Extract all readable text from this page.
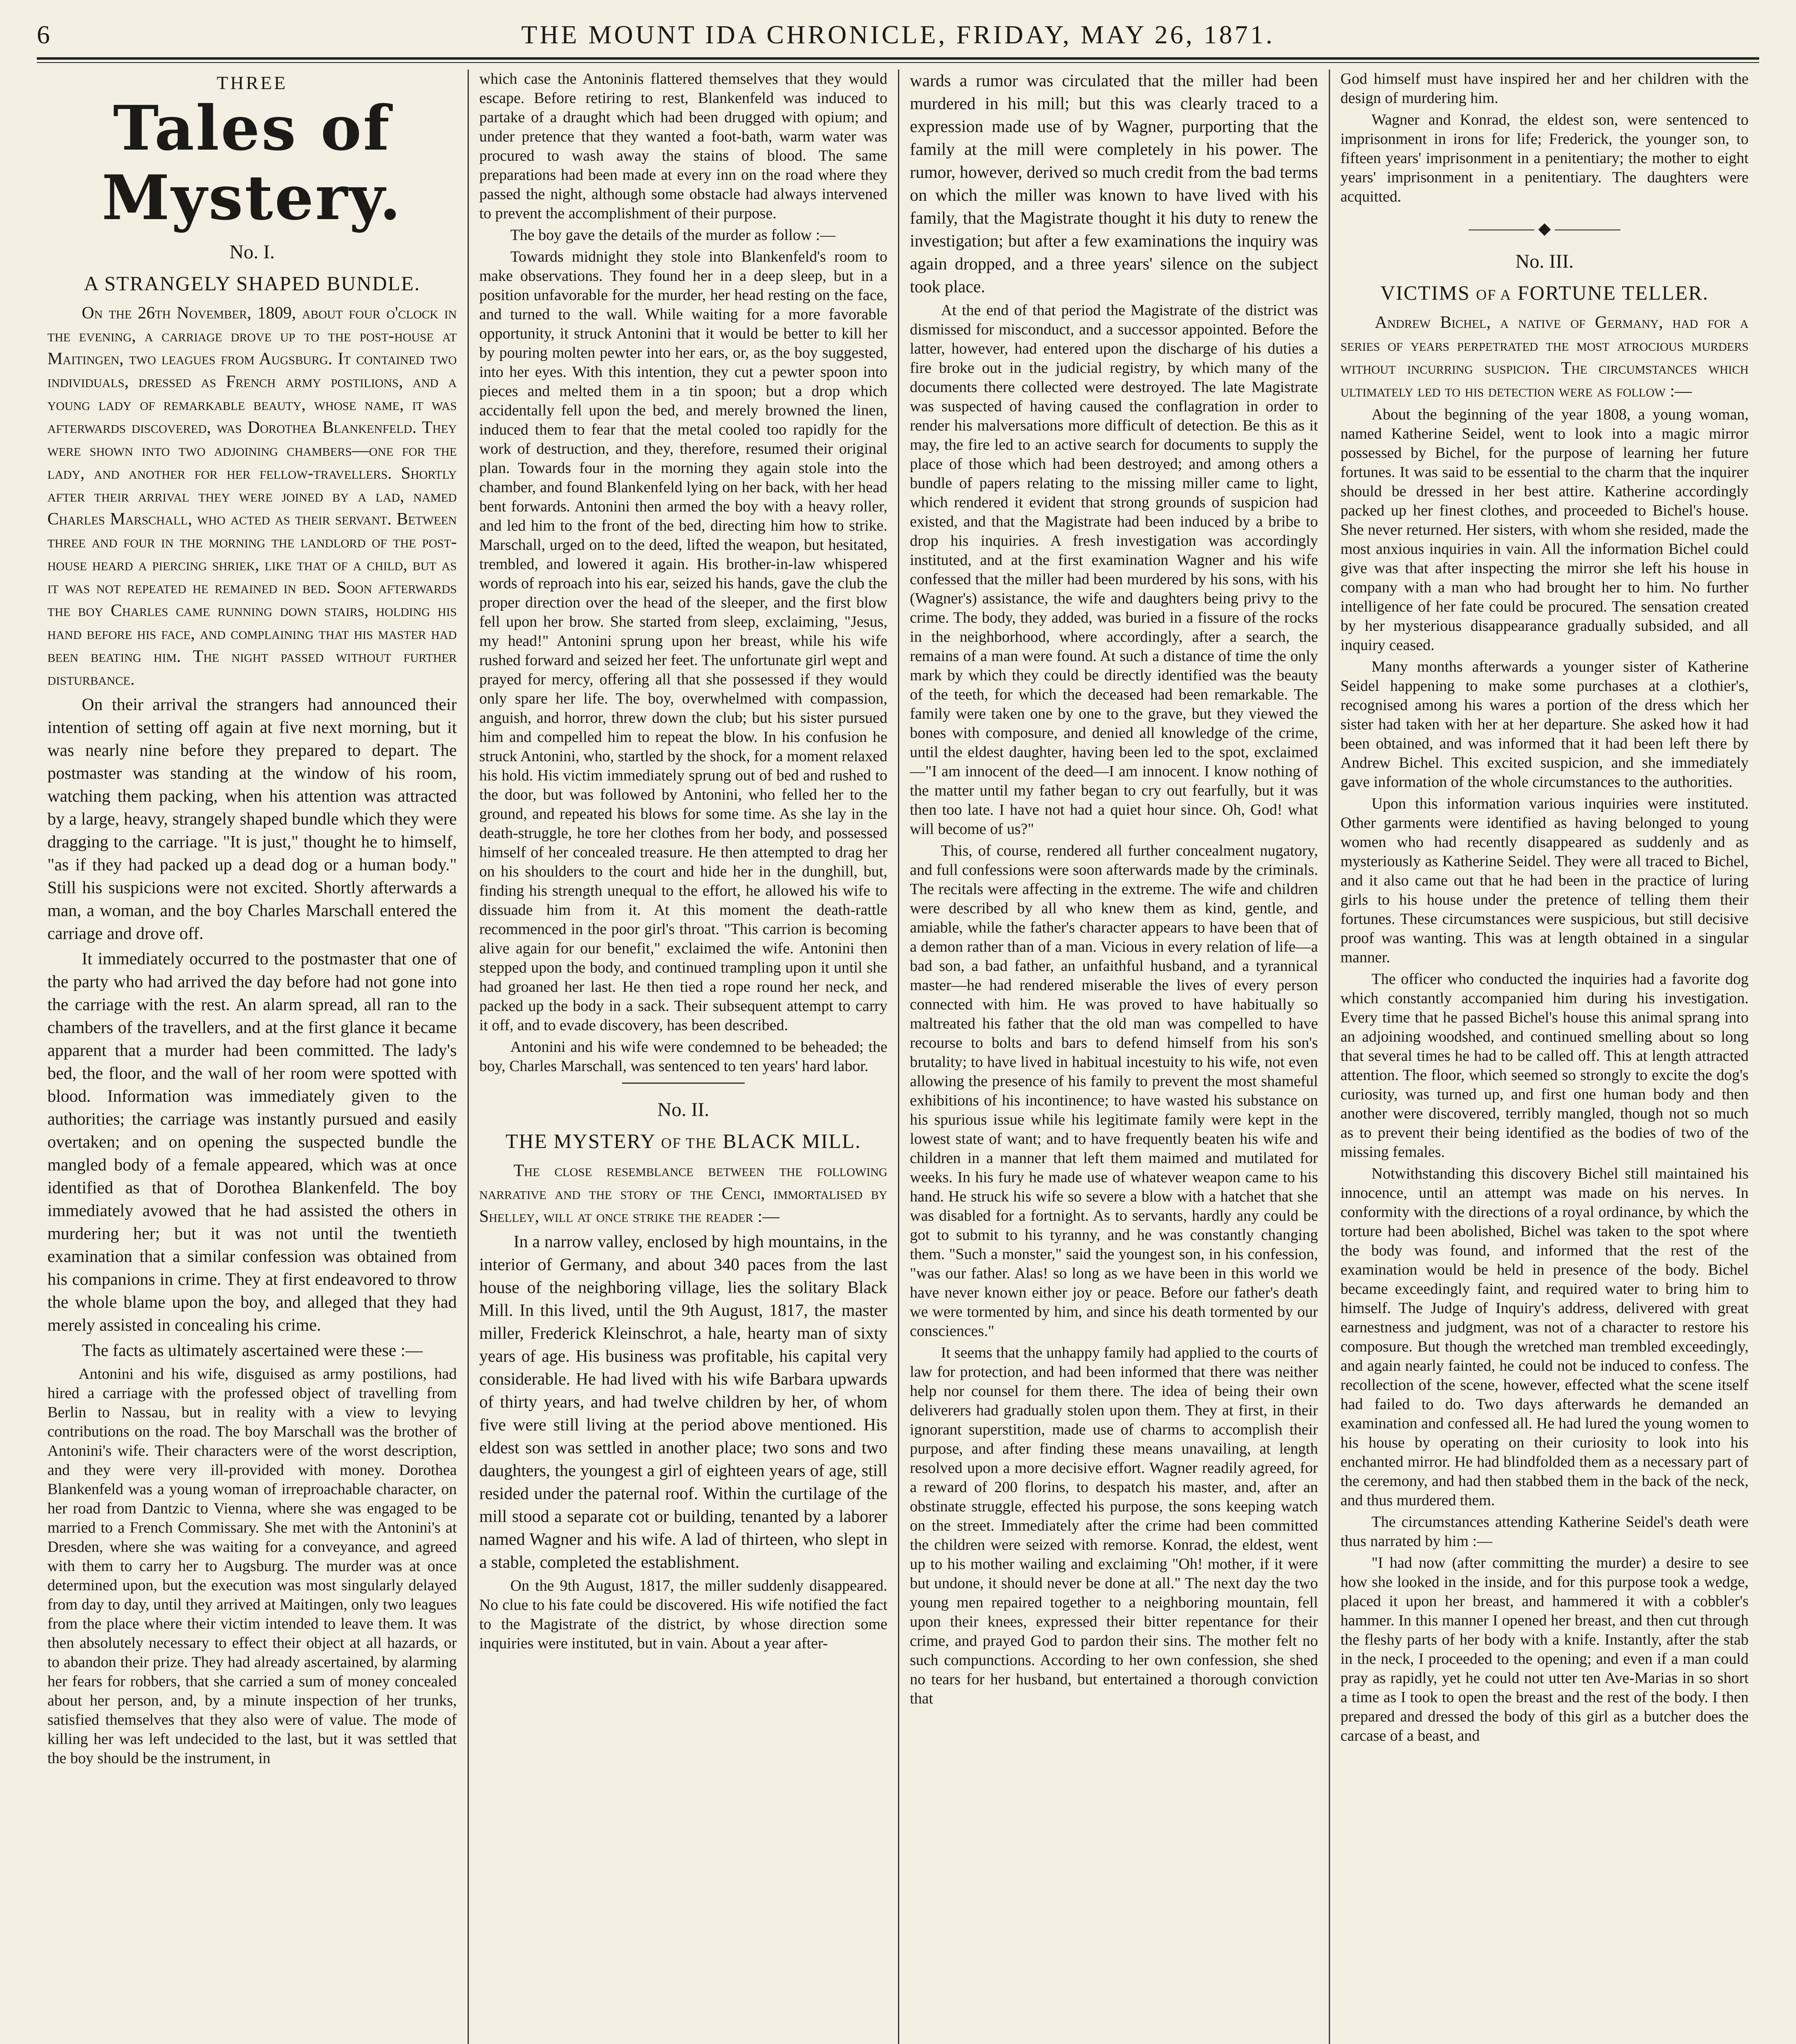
6	THE MOUNT IDA CHRONICLE, FRIDAY, MAY 26, 1871.
THREE
Tales of Mystery.
No. I.
A STRANGELY SHAPED BUNDLE.

On the 26th November, 1809, about four o'clock in the evening, a carriage drove up to the post-house at Maitingen, two leagues from Augsburg. It contained two individuals, dressed as French army postilions, and a young lady of remarkable beauty, whose name, it was afterwards discovered, was Dorothea Blankenfeld. They were shown into two adjoining chambers—one for the lady, and another for her fellow-travellers. Shortly after their arrival they were joined by a lad, named Charles Marschall, who acted as their servant. Between three and four in the morning the landlord of the post-house heard a piercing shriek, like that of a child, but as it was not repeated he remained in bed. Soon afterwards the boy Charles came running down stairs, holding his hand before his face, and complaining that his master had been beating him. The night passed without further disturbance.

On their arrival the strangers had announced their intention of setting off again at five next morning, but it was nearly nine before they prepared to depart. The postmaster was standing at the window of his room, watching them packing, when his attention was attracted by a large, heavy, strangely shaped bundle which they were dragging to the carriage. "It is just," thought he to himself, "as if they had packed up a dead dog or a human body." Still his suspicions were not excited. Shortly afterwards a man, a woman, and the boy Charles Marschall entered the carriage and drove off.

It immediately occurred to the postmaster that one of the party who had arrived the day before had not gone into the carriage with the rest. An alarm spread, all ran to the chambers of the travellers, and at the first glance it became apparent that a murder had been committed. The lady's bed, the floor, and the wall of her room were spotted with blood. Information was immediately given to the authorities; the carriage was instantly pursued and easily overtaken; and on opening the suspected bundle the mangled body of a female appeared, which was at once identified as that of Dorothea Blankenfeld. The boy immediately avowed that he had assisted the others in murdering her; but it was not until the twentieth examination that a similar confession was obtained from his companions in crime. They at first endeavored to throw the whole blame upon the boy, and alleged that they had merely assisted in concealing his crime.

The facts as ultimately ascertained were these :—

Antonini and his wife, disguised as army postilions, had hired a carriage with the professed object of travelling from Berlin to Nassau, but in reality with a view to levying contributions on the road. The boy Marschall was the brother of Antonini's wife. Their characters were of the worst description, and they were very ill-provided with money. Dorothea Blankenfeld was a young woman of irreproachable character, on her road from Dantzic to Vienna, where she was engaged to be married to a French Commissary. She met with the Antonini's at Dresden, where she was waiting for a conveyance, and agreed with them to carry her to Augsburg. The murder was at once determined upon, but the execution was most singularly delayed from day to day, until they arrived at Maitingen, only two leagues from the place where their victim intended to leave them. It was then absolutely necessary to effect their object at all hazards, or to abandon their prize. They had already ascertained, by alarming her fears for robbers, that she carried a sum of money concealed about her person, and, by a minute inspection of her trunks, satisfied themselves that they also were of value. The mode of killing her was left undecided to the last, but it was settled that the boy should be the instrument, in

which case the Antoninis flattered themselves that they would escape. Before retiring to rest, Blankenfeld was induced to partake of a draught which had been drugged with opium; and under pretence that they wanted a foot-bath, warm water was procured to wash away the stains of blood. The same preparations had been made at every inn on the road where they passed the night, although some obstacle had always intervened to prevent the accomplishment of their purpose.

The boy gave the details of the murder as follow :—

Towards midnight they stole into Blankenfeld's room to make observations. They found her in a deep sleep, but in a position unfavorable for the murder, her head resting on the face, and turned to the wall. While waiting for a more favorable opportunity, it struck Antonini that it would be better to kill her by pouring molten pewter into her ears, or, as the boy suggested, into her eyes. With this intention, they cut a pewter spoon into pieces and melted them in a tin spoon; but a drop which accidentally fell upon the bed, and merely browned the linen, induced them to fear that the metal cooled too rapidly for the work of destruction, and they, therefore, resumed their original plan. Towards four in the morning they again stole into the chamber, and found Blankenfeld lying on her back, with her head bent forwards. Antonini then armed the boy with a heavy roller, and led him to the front of the bed, directing him how to strike. Marschall, urged on to the deed, lifted the weapon, but hesitated, trembled, and lowered it again. His brother-in-law whispered words of reproach into his ear, seized his hands, gave the club the proper direction over the head of the sleeper, and the first blow fell upon her brow. She started from sleep, exclaiming, "Jesus, my head!" Antonini sprung upon her breast, while his wife rushed forward and seized her feet. The unfortunate girl wept and prayed for mercy, offering all that she possessed if they would only spare her life. The boy, overwhelmed with compassion, anguish, and horror, threw down the club; but his sister pursued him and compelled him to repeat the blow. In his confusion he struck Antonini, who, startled by the shock, for a moment relaxed his hold. His victim immediately sprung out of bed and rushed to the door, but was followed by Antonini, who felled her to the ground, and repeated his blows for some time. As she lay in the death-struggle, he tore her clothes from her body, and possessed himself of her concealed treasure. He then attempted to drag her on his shoulders to the court and hide her in the dunghill, but, finding his strength unequal to the effort, he allowed his wife to dissuade him from it. At this moment the death-rattle recommenced in the poor girl's throat. "This carrion is becoming alive again for our benefit," exclaimed the wife. Antonini then stepped upon the body, and continued trampling upon it until she had groaned her last. He then tied a rope round her neck, and packed up the body in a sack. Their subsequent attempt to carry it off, and to evade discovery, has been described.

Antonini and his wife were condemned to be beheaded; the boy, Charles Marschall, was sentenced to ten years' hard labor.

No. II.
THE MYSTERY OF THE BLACK MILL.

The close resemblance between the following narrative and the story of the Cenci, immortalised by Shelley, will at once strike the reader :—

In a narrow valley, enclosed by high mountains, in the interior of Germany, and about 340 paces from the last house of the neighboring village, lies the solitary Black Mill. In this lived, until the 9th August, 1817, the master miller, Frederick Kleinschrot, a hale, hearty man of sixty years of age. His business was profitable, his capital very considerable. He had lived with his wife Barbara upwards of thirty years, and had twelve children by her, of whom five were still living at the period above mentioned. His eldest son was settled in another place; two sons and two daughters, the youngest a girl of eighteen years of age, still resided under the paternal roof. Within the curtilage of the mill stood a separate cot or building, tenanted by a laborer named Wagner and his wife. A lad of thirteen, who slept in a stable, completed the establishment.

On the 9th August, 1817, the miller suddenly disappeared. No clue to his fate could be discovered. His wife notified the fact to the Magistrate of the district, by whose direction some inquiries were instituted, but in vain. About a year after-

wards a rumor was circulated that the miller had been murdered in his mill; but this was clearly traced to a expression made use of by Wagner, purporting that the family at the mill were completely in his power. The rumor, however, derived so much credit from the bad terms on which the miller was known to have lived with his family, that the Magistrate thought it his duty to renew the investigation; but after a few examinations the inquiry was again dropped, and a three years' silence on the subject took place.

At the end of that period the Magistrate of the district was dismissed for misconduct, and a successor appointed. Before the latter, however, had entered upon the discharge of his duties a fire broke out in the judicial registry, by which many of the documents there collected were destroyed. The late Magistrate was suspected of having caused the conflagration in order to render his malversations more difficult of detection. Be this as it may, the fire led to an active search for documents to supply the place of those which had been destroyed; and among others a bundle of papers relating to the missing miller came to light, which rendered it evident that strong grounds of suspicion had existed, and that the Magistrate had been induced by a bribe to drop his inquiries. A fresh investigation was accordingly instituted, and at the first examination Wagner and his wife confessed that the miller had been murdered by his sons, with his (Wagner's) assistance, the wife and daughters being privy to the crime. The body, they added, was buried in a fissure of the rocks in the neighborhood, where accordingly, after a search, the remains of a man were found. At such a distance of time the only mark by which they could be directly identified was the beauty of the teeth, for which the deceased had been remarkable. The family were taken one by one to the grave, but they viewed the bones with composure, and denied all knowledge of the crime, until the eldest daughter, having been led to the spot, exclaimed—"I am innocent of the deed—I am innocent. I know nothing of the matter until my father began to cry out fearfully, but it was then too late. I have not had a quiet hour since. Oh, God! what will become of us?"

This, of course, rendered all further concealment nugatory, and full confessions were soon afterwards made by the criminals. The recitals were affecting in the extreme. The wife and children were described by all who knew them as kind, gentle, and amiable, while the father's character appears to have been that of a demon rather than of a man. Vicious in every relation of life—a bad son, a bad father, an unfaithful husband, and a tyrannical master—he had rendered miserable the lives of every person connected with him. He was proved to have habitually so maltreated his father that the old man was compelled to have recourse to bolts and bars to defend himself from his son's brutality; to have lived in habitual incestuity to his wife, not even allowing the presence of his family to prevent the most shameful exhibitions of his incontinence; to have wasted his substance on his spurious issue while his legitimate family were kept in the lowest state of want; and to have frequently beaten his wife and children in a manner that left them maimed and mutilated for weeks. In his fury he made use of whatever weapon came to his hand. He struck his wife so severe a blow with a hatchet that she was disabled for a fortnight. As to servants, hardly any could be got to submit to his tyranny, and he was constantly changing them. "Such a monster," said the youngest son, in his confession, "was our father. Alas! so long as we have been in this world we have never known either joy or peace. Before our father's death we were tormented by him, and since his death tormented by our consciences."

It seems that the unhappy family had applied to the courts of law for protection, and had been informed that there was neither help nor counsel for them there. The idea of being their own deliverers had gradually stolen upon them. They at first, in their ignorant superstition, made use of charms to accomplish their purpose, and after finding these means unavailing, at length resolved upon a more decisive effort. Wagner readily agreed, for a reward of 200 florins, to despatch his master, and, after an obstinate struggle, effected his purpose, the sons keeping watch on the street. Immediately after the crime had been committed the children were seized with remorse. Konrad, the eldest, went up to his mother wailing and exclaiming "Oh! mother, if it were but undone, it should never be done at all." The next day the two young men repaired together to a neighboring mountain, fell upon their knees, expressed their bitter repentance for their crime, and prayed God to pardon their sins. The mother felt no such compunctions. According to her own confession, she shed no tears for her husband, but entertained a thorough conviction that

God himself must have inspired her and her children with the design of murdering him.

Wagner and Konrad, the eldest son, were sentenced to imprisonment in irons for life; Frederick, the younger son, to fifteen years' imprisonment in a penitentiary; the mother to eight years' imprisonment in a penitentiary. The daughters were acquitted.

―――― ◆ ――――
No. III.
VICTIMS OF A FORTUNE TELLER.

Andrew Bichel, a native of Germany, had for a series of years perpetrated the most atrocious murders without incurring suspicion. The circumstances which ultimately led to his detection were as follow :—

About the beginning of the year 1808, a young woman, named Katherine Seidel, went to look into a magic mirror possessed by Bichel, for the purpose of learning her future fortunes. It was said to be essential to the charm that the inquirer should be dressed in her best attire. Katherine accordingly packed up her finest clothes, and proceeded to Bichel's house. She never returned. Her sisters, with whom she resided, made the most anxious inquiries in vain. All the information Bichel could give was that after inspecting the mirror she left his house in company with a man who had brought her to him. No further intelligence of her fate could be procured. The sensation created by her mysterious disappearance gradually subsided, and all inquiry ceased.

Many months afterwards a younger sister of Katherine Seidel happening to make some purchases at a clothier's, recognised among his wares a portion of the dress which her sister had taken with her at her departure. She asked how it had been obtained, and was informed that it had been left there by Andrew Bichel. This excited suspicion, and she immediately gave information of the whole circumstances to the authorities.

Upon this information various inquiries were instituted. Other garments were identified as having belonged to young women who had recently disappeared as suddenly and as mysteriously as Katherine Seidel. They were all traced to Bichel, and it also came out that he had been in the practice of luring girls to his house under the pretence of telling them their fortunes. These circumstances were suspicious, but still decisive proof was wanting. This was at length obtained in a singular manner.

The officer who conducted the inquiries had a favorite dog which constantly accompanied him during his investigation. Every time that he passed Bichel's house this animal sprang into an adjoining woodshed, and continued smelling about so long that several times he had to be called off. This at length attracted attention. The floor, which seemed so strongly to excite the dog's curiosity, was turned up, and first one human body and then another were discovered, terribly mangled, though not so much as to prevent their being identified as the bodies of two of the missing females.

Notwithstanding this discovery Bichel still maintained his innocence, until an attempt was made on his nerves. In conformity with the directions of a royal ordinance, by which the torture had been abolished, Bichel was taken to the spot where the body was found, and informed that the rest of the examination would be held in presence of the body. Bichel became exceedingly faint, and required water to bring him to himself. The Judge of Inquiry's address, delivered with great earnestness and judgment, was not of a character to restore his composure. But though the wretched man trembled exceedingly, and again nearly fainted, he could not be induced to confess. The recollection of the scene, however, effected what the scene itself had failed to do. Two days afterwards he demanded an examination and confessed all. He had lured the young women to his house by operating on their curiosity to look into his enchanted mirror. He had blindfolded them as a necessary part of the ceremony, and had then stabbed them in the back of the neck, and thus murdered them.

The circumstances attending Katherine Seidel's death were thus narrated by him :—

"I had now (after committing the murder) a desire to see how she looked in the inside, and for this purpose took a wedge, placed it upon her breast, and hammered it with a cobbler's hammer. In this manner I opened her breast, and then cut through the fleshy parts of her body with a knife. Instantly, after the stab in the neck, I proceeded to the opening; and even if a man could pray as rapidly, yet he could not utter ten Ave-Marias in so short a time as I took to open the breast and the rest of the body. I then prepared and dressed the body of this girl as a butcher does the carcase of a beast, and
